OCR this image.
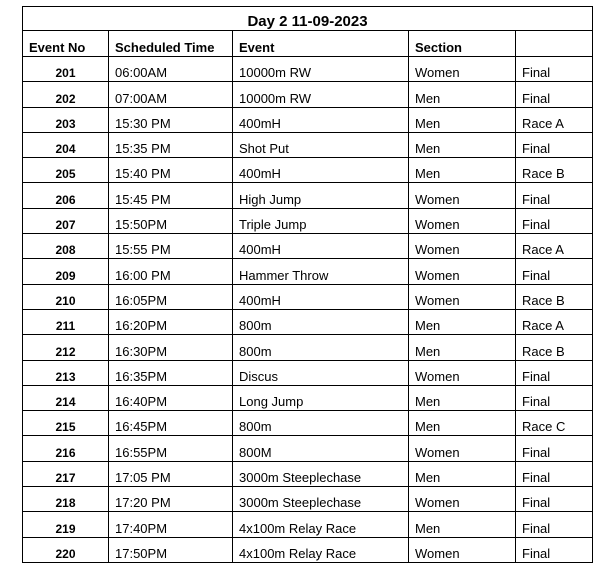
Day 2 11-09-2023				
Event No	Scheduled Time	Event	Section	
201	06:00AM	10000m RW	Women	Final
202	07:00AM	10000m RW	Men	Final
203	15:30 PM	400mH	Men	Race A
204	15:35 PM	Shot Put	Men	Final
205	15:40 PM	400mH	Men	Race B
206	15:45 PM	High Jump	Women	Final
207	15:50PM	Triple Jump	Women	Final
208	15:55 PM	400mH	Women	Race A
209	16:00 PM	Hammer Throw	Women	Final
210	16:05PM	400mH	Women	Race B
211	16:20PM	800m	Men	Race A
212	16:30PM	800m	Men	Race B
213	16:35PM	Discus	Women	Final
214	16:40PM	Long Jump	Men	Final
215	16:45PM	800m	Men	Race C
216	16:55PM	800M	Women	Final
217	17:05 PM	3000m Steeplechase	Men	Final
218	17:20 PM	3000m Steeplechase	Women	Final
219	17:40PM	4x100m Relay Race	Men	Final
220	17:50PM	4x100m Relay Race	Women	Final
